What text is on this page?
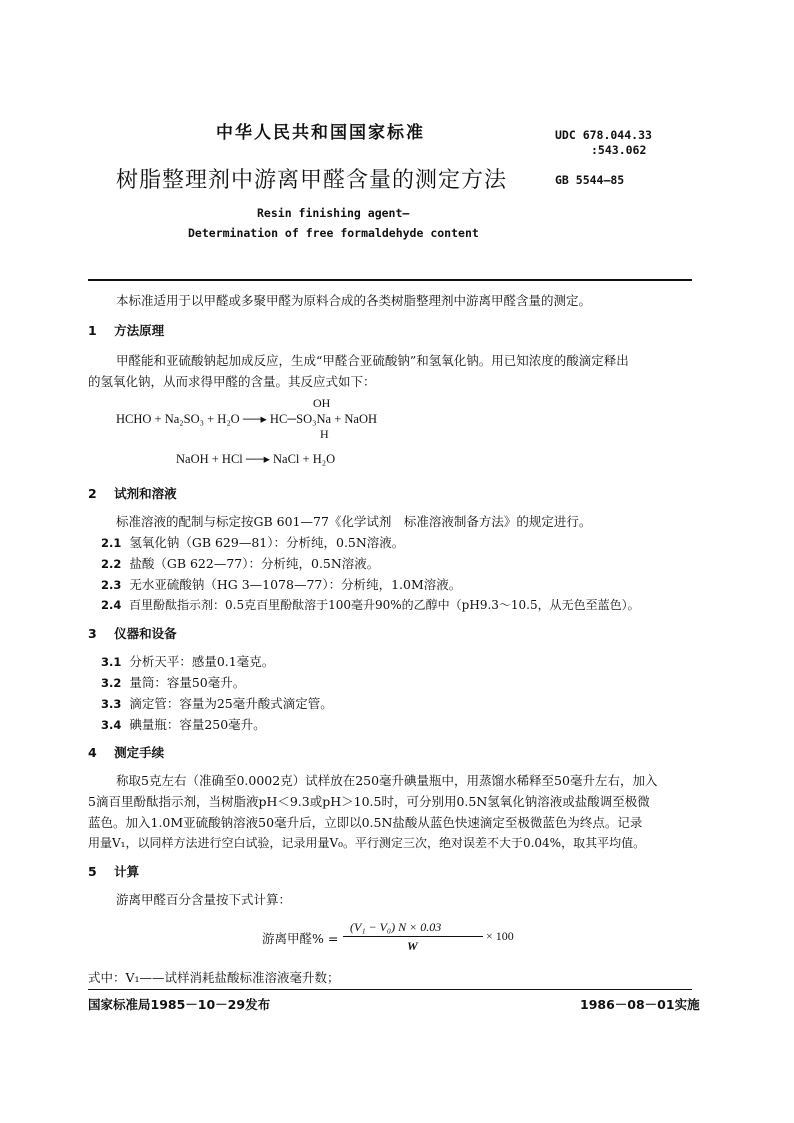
中华人民共和国国家标准	UDC 678.044.33
:543.062
树脂整理剂中游离甲醛含量的测定方法	GB 5544—85
Resin finishing agent—
Determination of free formaldehyde content
本标准适用于以甲醛或多聚甲醛为原料合成的各类树脂整理剂中游离甲醛含量的测定。
1 方法原理
甲醛能和亚硫酸钠起加成反应，生成“甲醛合亚硫酸钠”和氢氧化钠。用已知浓度的酸滴定释出
的氢氧化钠，从而求得甲醛的含量。其反应式如下：
OH
HCHO + Na₂SO₃ + H₂O ──▸ HC─SO₃Na + NaOH
H
NaOH + HCl ──▸ NaCl + H₂O
2 试剂和溶液
标准溶液的配制与标定按GB 601—77《化学试剂　标准溶液制备方法》的规定进行。
2.1 氢氧化钠（GB 629—81）：分析纯，0.5N溶液。
2.2 盐酸（GB 622—77）：分析纯，0.5N溶液。
2.3 无水亚硫酸钠（HG 3—1078—77）：分析纯，1.0M溶液。
2.4 百里酚酞指示剂：0.5克百里酚酞溶于100毫升90%的乙醇中（pH9.3～10.5，从无色至蓝色）。
3 仪器和设备
3.1 分析天平：感量0.1毫克。
3.2 量筒：容量50毫升。
3.3 滴定管：容量为25毫升酸式滴定管。
3.4 碘量瓶：容量250毫升。
4 测定手续
称取5克左右（准确至0.0002克）试样放在250毫升碘量瓶中，用蒸馏水稀释至50毫升左右，加入
5滴百里酚酞指示剂，当树脂液pH＜9.3或pH＞10.5时，可分别用0.5N氢氧化钠溶液或盐酸调至极微
蓝色。加入1.0M亚硫酸钠溶液50毫升后，立即以0.5N盐酸从蓝色快速滴定至极微蓝色为终点。记录
用量V₁，以同样方法进行空白试验，记录用量V₀。平行测定三次，绝对误差不大于0.04%，取其平均值。
5 计算
游离甲醛百分含量按下式计算：
游离甲醛% =
(V₁ − V₀) N × 0.03
W
× 100
式中：V₁——试样消耗盐酸标准溶液毫升数；
国家标准局1985－10－29发布	1986－08－01实施
